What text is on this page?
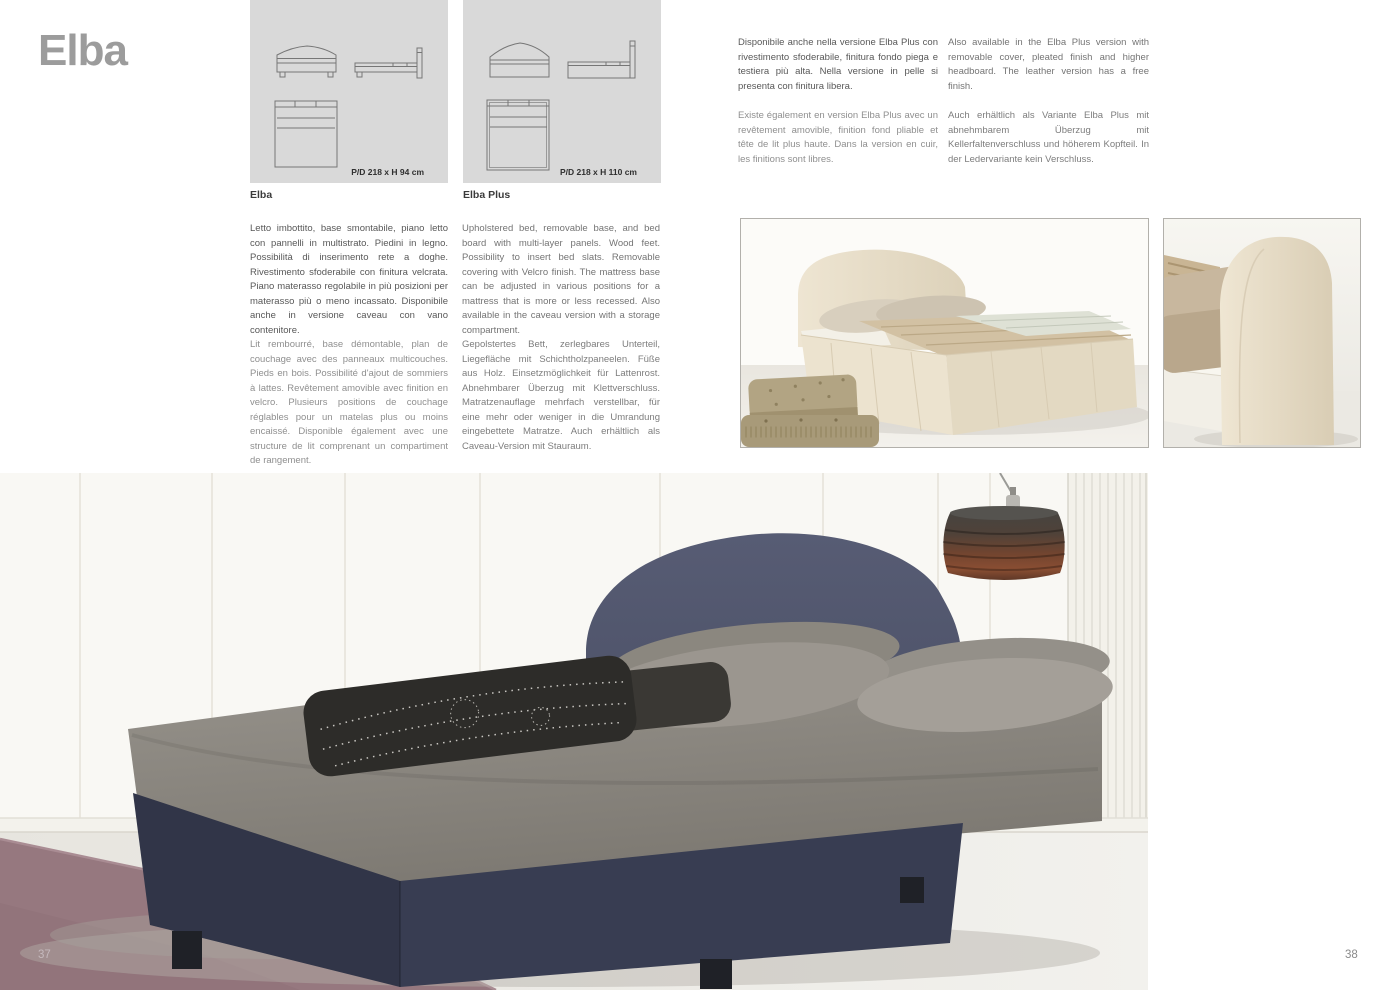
Elba
P/D 218 x H 94 cm
Elba
P/D 218 x H 110 cm
Elba Plus

Letto imbottito, base smontabile, piano letto con pannelli in multistrato. Piedini in legno. Possibilità di inserimento rete a doghe. Rivestimento sfoderabile con finitura velcrata. Piano materasso regolabile in più posizioni per materasso più o meno incassato. Disponibile anche in versione caveau con vano contenitore.

Lit rembourré, base démontable, plan de couchage avec des panneaux multicouches. Pieds en bois. Possibilité d'ajout de sommiers à lattes. Revêtement amovible avec finition en velcro. Plusieurs positions de couchage réglables pour un matelas plus ou moins encaissé. Disponible également avec une structure de lit comprenant un compartiment de rangement.

Upholstered bed, removable base, and bed board with multi-layer panels. Wood feet. Possibility to insert bed slats. Removable covering with Velcro finish. The mattress base can be adjusted in various positions for a mattress that is more or less recessed. Also available in the caveau version with a storage compartment.

Gepolstertes Bett, zerlegbares Unterteil, Liegefläche mit Schichtholzpaneelen. Füße aus Holz. Einsetzmöglichkeit für Lattenrost. Abnehmbarer Überzug mit Klettverschluss. Matratzenauflage mehrfach verstellbar, für eine mehr oder weniger in die Umrandung eingebettete Matratze. Auch erhältlich als Caveau-Version mit Stauraum.

Disponibile anche nella versione Elba Plus con rivestimento sfoderabile, finitura fondo piega e testiera più alta. Nella versione in pelle si presenta con finitura libera.

Existe également en version Elba Plus avec un revêtement amovible, finition fond pliable et tête de lit plus haute. Dans la version en cuir, les finitions sont libres.

Also available in the Elba Plus version with removable cover, pleated finish and higher headboard. The leather version has a free finish.

Auch erhältlich als Variante Elba Plus mit abnehmbarem Überzug mit Kellerfaltenverschluss und höherem Kopfteil. In der Ledervariante kein Verschluss.

37	38
